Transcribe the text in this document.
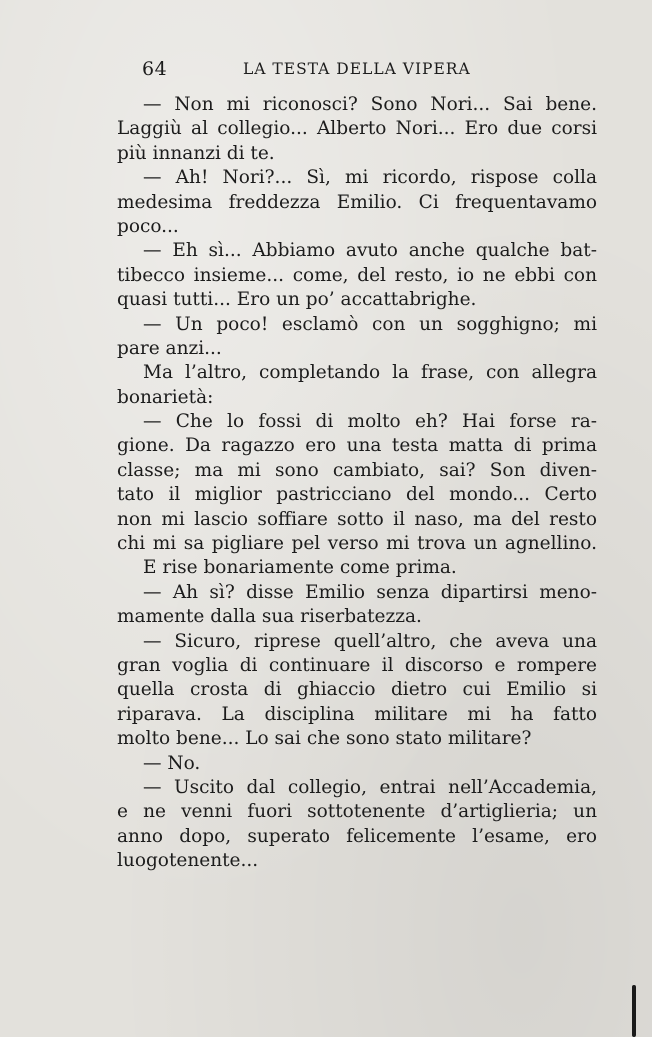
64	LA TESTA DELLA VIPERA
— Non mi riconosci? Sono Nori... Sai bene.
Laggiù al collegio... Alberto Nori... Ero due corsi
più innanzi di te.
— Ah! Nori?... Sì, mi ricordo, rispose colla
medesima freddezza Emilio. Ci frequentavamo
poco...
— Eh sì... Abbiamo avuto anche qualche bat-
tibecco insieme... come, del resto, io ne ebbi con
quasi tutti... Ero un po’ accattabrighe.
— Un poco! esclamò con un sogghigno; mi
pare anzi...
Ma l’altro, completando la frase, con allegra
bonarietà:
— Che lo fossi di molto eh? Hai forse ra-
gione. Da ragazzo ero una testa matta di prima
classe; ma mi sono cambiato, sai? Son diven-
tato il miglior pastricciano del mondo... Certo
non mi lascio soffiare sotto il naso, ma del resto
chi mi sa pigliare pel verso mi trova un agnellino.
E rise bonariamente come prima.
— Ah sì? disse Emilio senza dipartirsi meno-
mamente dalla sua riserbatezza.
— Sicuro, riprese quell’altro, che aveva una
gran voglia di continuare il discorso e rompere
quella crosta di ghiaccio dietro cui Emilio si
riparava. La disciplina militare mi ha fatto
molto bene... Lo sai che sono stato militare?
— No.
— Uscito dal collegio, entrai nell’Accademia,
e ne venni fuori sottotenente d’artiglieria; un
anno dopo, superato felicemente l’esame, ero
luogotenente...
